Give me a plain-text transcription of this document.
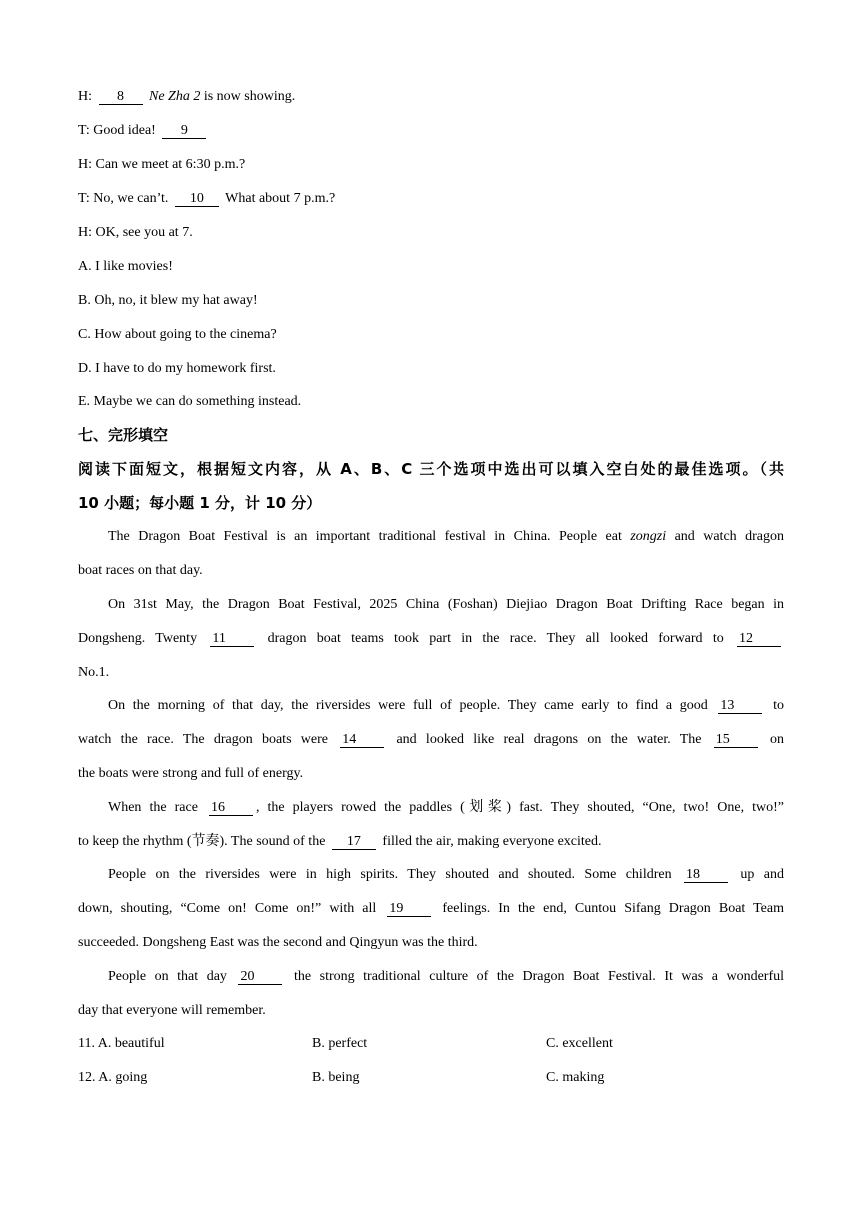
H: 8 Ne Zha 2 is now showing.
T: Good idea! 9
H: Can we meet at 6:30 p.m.?
T: No, we can’t. 10 What about 7 p.m.?
H: OK, see you at 7.
A. I like movies!
B. Oh, no, it blew my hat away!
C. How about going to the cinema?
D. I have to do my homework first.
E. Maybe we can do something instead.
七、完形填空
阅读下面短文，根据短文内容，从 A、B、C 三个选项中选出可以填入空白处的最佳选项。（共
10 小题；每小题 1 分，计 10 分）
The Dragon Boat Festival is an important traditional festival in China. People eat zongzi and watch dragon
boat races on that day.
On 31st May, the Dragon Boat Festival, 2025 China (Foshan) Diejiao Dragon Boat Drifting Race began in
Dongsheng. Twenty 11 dragon boat teams took part in the race. They all looked forward to 12
No.1.
On the morning of that day, the riversides were full of people. They came early to find a good 13 to
watch the race. The dragon boats were 14 and looked like real dragons on the water. The 15 on
the boats were strong and full of energy.
When the race 16 , the players rowed the paddles (划桨) fast. They shouted, “One, two! One, two!”
to keep the rhythm (节奏). The sound of the 17 filled the air, making everyone excited.
People on the riversides were in high spirits. They shouted and shouted. Some children 18 up and
down, shouting, “Come on! Come on!” with all 19 feelings. In the end, Cuntou Sifang Dragon Boat Team
succeeded. Dongsheng East was the second and Qingyun was the third.
People on that day 20 the strong traditional culture of the Dragon Boat Festival. It was a wonderful
day that everyone will remember.
11. A. beautiful	B. perfect	C. excellent
12. A. going	B. being	C. making
